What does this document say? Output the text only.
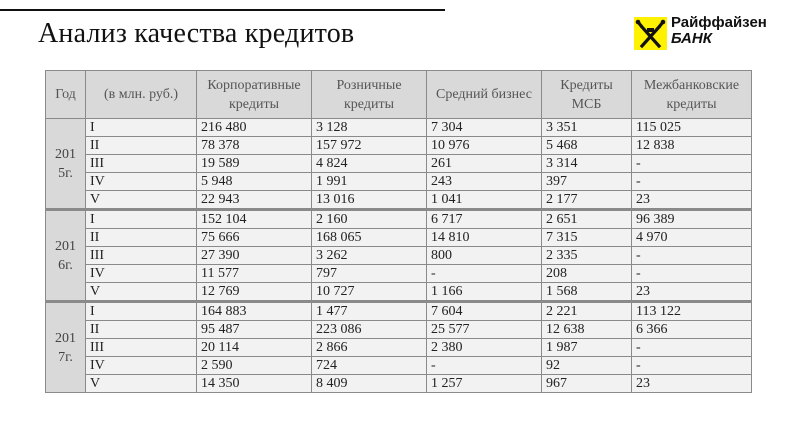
Анализ качества кредитов	Райффайзен
БАНК
Год	(в млн. руб.)	Корпоративные кредиты	Розничные кредиты	Средний бизнес	Кредиты МСБ	Межбанковские кредиты

201
5г.	I	216 480	3 128	7 304	3 351	115 025
	II	78 378	157 972	10 976	5 468	12 838
	III	19 589	4 824	261	3 314	-
	IV	5 948	1 991	243	397	-
	V	22 943	13 016	1 041	2 177	23

201
6г.	I	152 104	2 160	6 717	2 651	96 389
	II	75 666	168 065	14 810	7 315	4 970
	III	27 390	3 262	800	2 335	-
	IV	11 577	797	-	208	-
	V	12 769	10 727	1 166	1 568	23

201
7г.	I	164 883	1 477	7 604	2 221	113 122
	II	95 487	223 086	25 577	12 638	6 366
	III	20 114	2 866	2 380	1 987	-
	IV	2 590	724	-	92	-
	V	14 350	8 409	1 257	967	23
